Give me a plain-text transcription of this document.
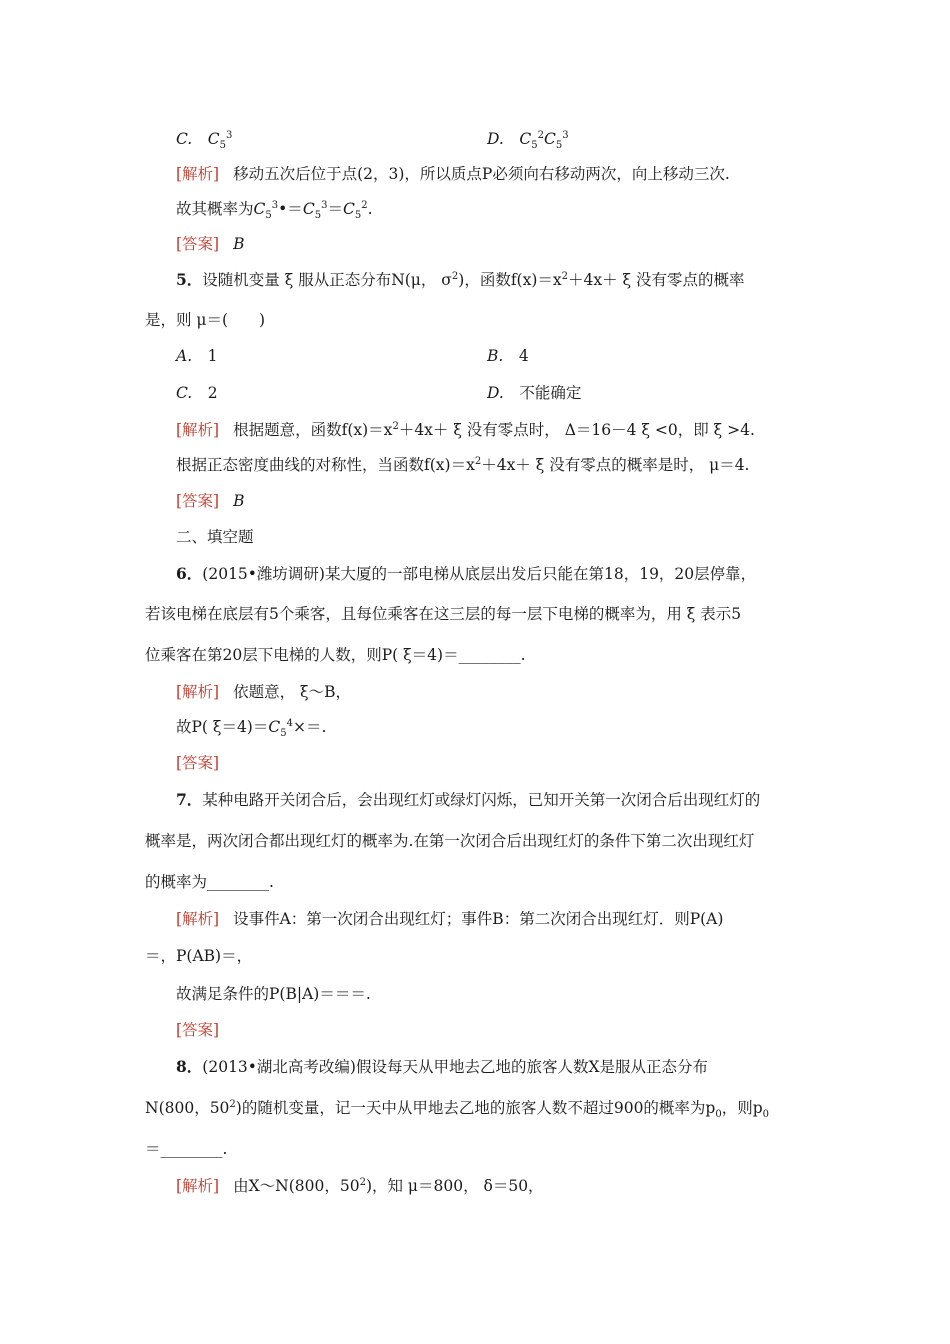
C.　 $C_5^3$	D.　 $C_5^2C_5^3$
[解析] 移动五次后位于点(2，3)，所以质点P必须向右移动两次，向上移动三次.
故其概率为$C_5^3•=C_5^3=C_5^2$.
[答案] B
5．设随机变量 ξ 服从正态分布N(μ， $\sigma^2$)，函数$f(x)=x^2+4x+ \xi$ 没有零点的概率
是，则 μ＝(　　)
A.　 1	B.　 4
C.　 2	D.　 不能确定
[解析] 根据题意，函数$f(x)=x^2+4x+ \xi$ 没有零点时， Δ＝16－4 ξ <0，即 ξ >4.
根据正态密度曲线的对称性，当函数$f(x)=x^2+4x+ \xi$ 没有零点的概率是时， μ＝4.
[答案] B
二、填空题
6．(2015•潍坊调研)某大厦的一部电梯从底层出发后只能在第18，19，20层停靠，
若该电梯在底层有5个乘客，且每位乘客在这三层的每一层下电梯的概率为，用 ξ 表示5
位乘客在第20层下电梯的人数，则P( ξ＝4)＝________.
[解析] 依题意， ξ～B，
故P( $\xi=4)=C_5^4\times=$.
[答案]
7．某种电路开关闭合后，会出现红灯或绿灯闪烁，已知开关第一次闭合后出现红灯的
概率是，两次闭合都出现红灯的概率为.在第一次闭合后出现红灯的条件下第二次出现红灯
的概率为________.
[解析] 设事件A：第一次闭合出现红灯；事件B：第二次闭合出现红灯．则P(A)
＝，P(AB)＝，
故满足条件的P(B|A)＝＝＝.
[答案]
8．(2013•湖北高考改编)假设每天从甲地去乙地的旅客人数X是服从正态分布
N(800，$50^2$)的随机变量，记一天中从甲地去乙地的旅客人数不超过900的概率为$p_0$，则$p_0$
＝________.
[解析] 由X～N(800，$50^2$)，知 μ＝800， δ＝50，
